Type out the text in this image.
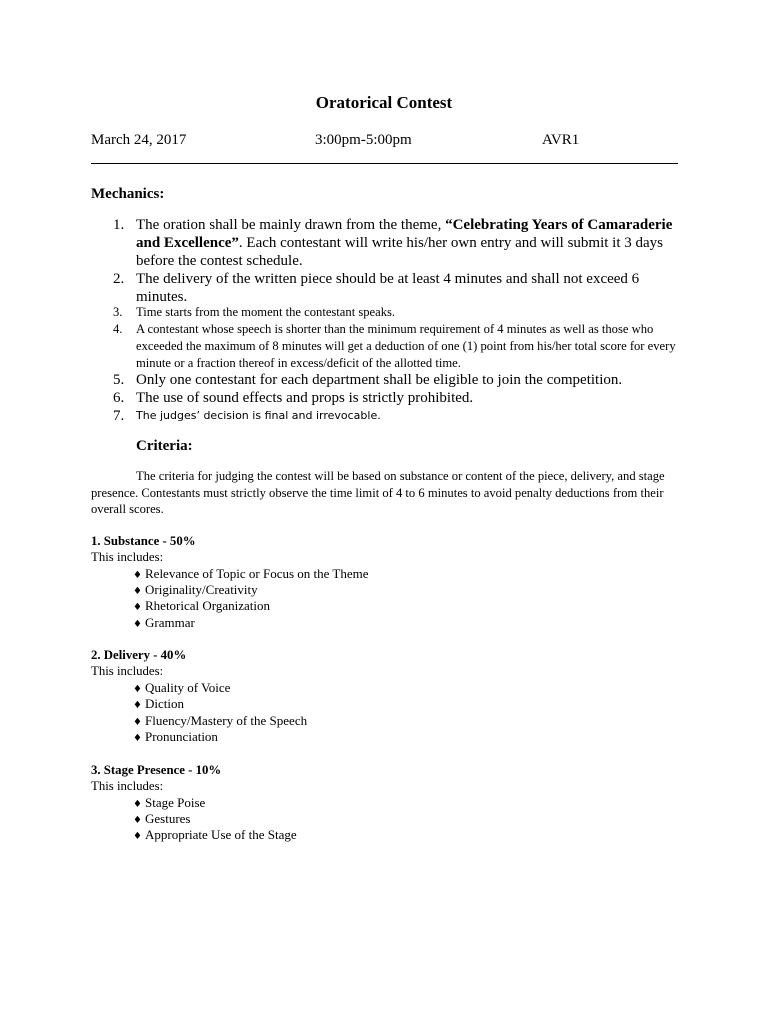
Oratorical Contest
March 24, 2017	3:00pm-5:00pm	AVR1
Mechanics:
1. The oration shall be mainly drawn from the theme, “Celebrating Years of Camaraderie and Excellence”. Each contestant will write his/her own entry and will submit it 3 days before the contest schedule.
2. The delivery of the written piece should be at least 4 minutes and shall not exceed 6 minutes.
3.	Time starts from the moment the contestant speaks.
4.	A contestant whose speech is shorter than the minimum requirement of 4 minutes as well as those who exceeded the maximum of 8 minutes will get a deduction of one (1) point from his/her total score for every minute or a fraction thereof in excess/deficit of the allotted time.
5. Only one contestant for each department shall be eligible to join the competition.
6. The use of sound effects and props is strictly prohibited.
7. The judges’ decision is final and irrevocable.
Criteria:
The criteria for judging the contest will be based on substance or content of the piece, delivery, and stage presence. Contestants must strictly observe the time limit of 4 to 6 minutes to avoid penalty deductions from their overall scores.
1. Substance - 50%
This includes:
♦ Relevance of Topic or Focus on the Theme
♦ Originality/Creativity
♦ Rhetorical Organization
♦ Grammar
2. Delivery - 40%
This includes:
♦ Quality of Voice
♦ Diction
♦ Fluency/Mastery of the Speech
♦ Pronunciation
3. Stage Presence - 10%
This includes:
♦ Stage Poise
♦ Gestures
♦ Appropriate Use of the Stage
